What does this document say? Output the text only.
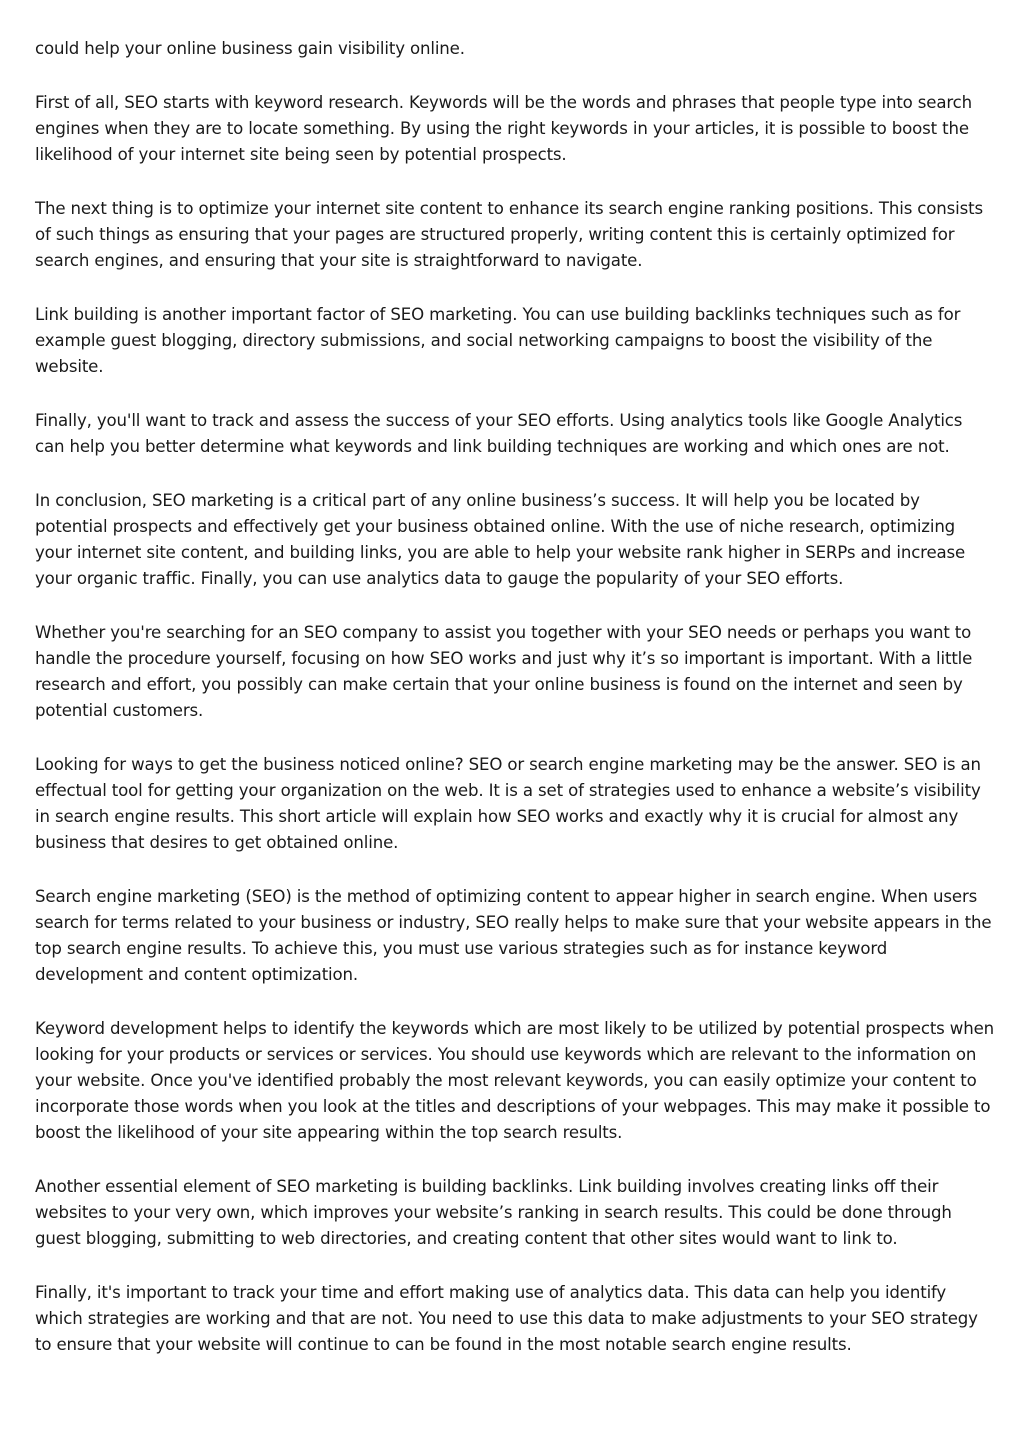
could help your online business gain visibility online.

First of all, SEO starts with keyword research. Keywords will be the words and phrases that people type into search engines when they are to locate something. By using the right keywords in your articles, it is possible to boost the likelihood of your internet site being seen by potential prospects.

The next thing is to optimize your internet site content to enhance its search engine ranking positions. This consists of such things as ensuring that your pages are structured properly, writing content this is certainly optimized for search engines, and ensuring that your site is straightforward to navigate.

Link building is another important factor of SEO marketing. You can use building backlinks techniques such as for example guest blogging, directory submissions, and social networking campaigns to boost the visibility of the website.

Finally, you'll want to track and assess the success of your SEO efforts. Using analytics tools like Google Analytics can help you better determine what keywords and link building techniques are working and which ones are not.

In conclusion, SEO marketing is a critical part of any online business’s success. It will help you be located by potential prospects and effectively get your business obtained online. With the use of niche research, optimizing your internet site content, and building links, you are able to help your website rank higher in SERPs and increase your organic traffic. Finally, you can use analytics data to gauge the popularity of your SEO efforts.

Whether you're searching for an SEO company to assist you together with your SEO needs or perhaps you want to handle the procedure yourself, focusing on how SEO works and just why it’s so important is important. With a little research and effort, you possibly can make certain that your online business is found on the internet and seen by potential customers.

Looking for ways to get the business noticed online? SEO or search engine marketing may be the answer. SEO is an effectual tool for getting your organization on the web. It is a set of strategies used to enhance a website’s visibility in search engine results. This short article will explain how SEO works and exactly why it is crucial for almost any business that desires to get obtained online.

Search engine marketing (SEO) is the method of optimizing content to appear higher in search engine. When users search for terms related to your business or industry, SEO really helps to make sure that your website appears in the top search engine results. To achieve this, you must use various strategies such as for instance keyword development and content optimization.

Keyword development helps to identify the keywords which are most likely to be utilized by potential prospects when looking for your products or services or services. You should use keywords which are relevant to the information on your website. Once you've identified probably the most relevant keywords, you can easily optimize your content to incorporate those words when you look at the titles and descriptions of your webpages. This may make it possible to boost the likelihood of your site appearing within the top search results.

Another essential element of SEO marketing is building backlinks. Link building involves creating links off their websites to your very own, which improves your website’s ranking in search results. This could be done through guest blogging, submitting to web directories, and creating content that other sites would want to link to.

Finally, it's important to track your time and effort making use of analytics data. This data can help you identify which strategies are working and that are not. You need to use this data to make adjustments to your SEO strategy to ensure that your website will continue to can be found in the most notable search engine results.
